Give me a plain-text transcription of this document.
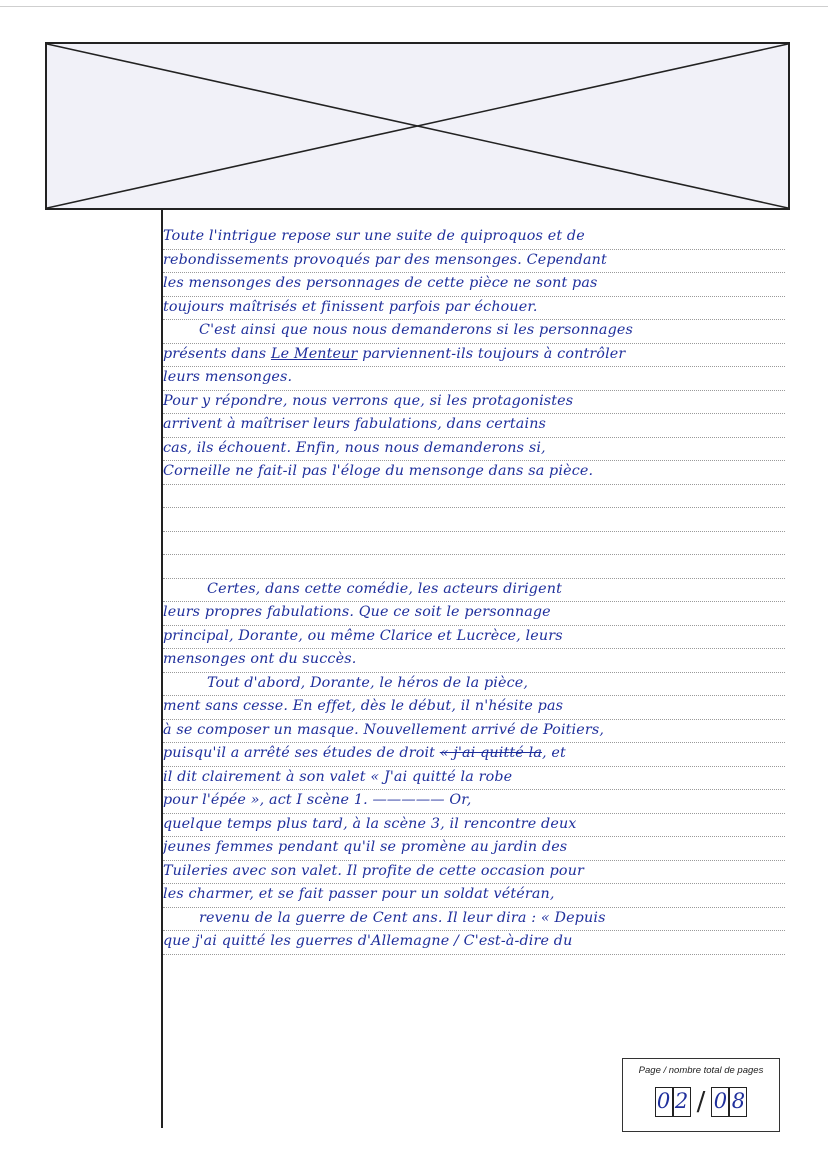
Toute l'intrigue repose sur une suite de quiproquos et de
rebondissements provoqués par des mensonges. Cependant
les mensonges des personnages de cette pièce ne sont pas
toujours maîtrisés et finissent parfois par échouer.
C'est ainsi que nous nous demanderons si les personnages
présents dans Le Menteur parviennent-ils toujours à contrôler
leurs mensonges.
Pour y répondre, nous verrons que, si les protagonistes
arrivent à maîtriser leurs fabulations, dans certains
cas, ils échouent. Enfin, nous nous demanderons si,
Corneille ne fait-il pas l'éloge du mensonge dans sa pièce.
Certes, dans cette comédie, les acteurs dirigent
leurs propres fabulations. Que ce soit le personnage
principal, Dorante, ou même Clarice et Lucrèce, leurs
mensonges ont du succès.
Tout d'abord, Dorante, le héros de la pièce,
ment sans cesse. En effet, dès le début, il n'hésite pas
à se composer un masque. Nouvellement arrivé de Poitiers,
puisqu'il a arrêté ses études de droit « j'ai quitté la, et
il dit clairement à son valet « J'ai quitté la robe
pour l'épée », act I scène 1. ————— Or,
quelque temps plus tard, à la scène 3, il rencontre deux
jeunes femmes pendant qu'il se promène au jardin des
Tuileries avec son valet. Il profite de cette occasion pour
les charmer, et se fait passer pour un soldat vétéran,
revenu de la guerre de Cent ans. Il leur dira : « Depuis
que j'ai quitté les guerres d'Allemagne / C'est-à-dire du
Page / nombre total de pages
0 2 / 0 8
